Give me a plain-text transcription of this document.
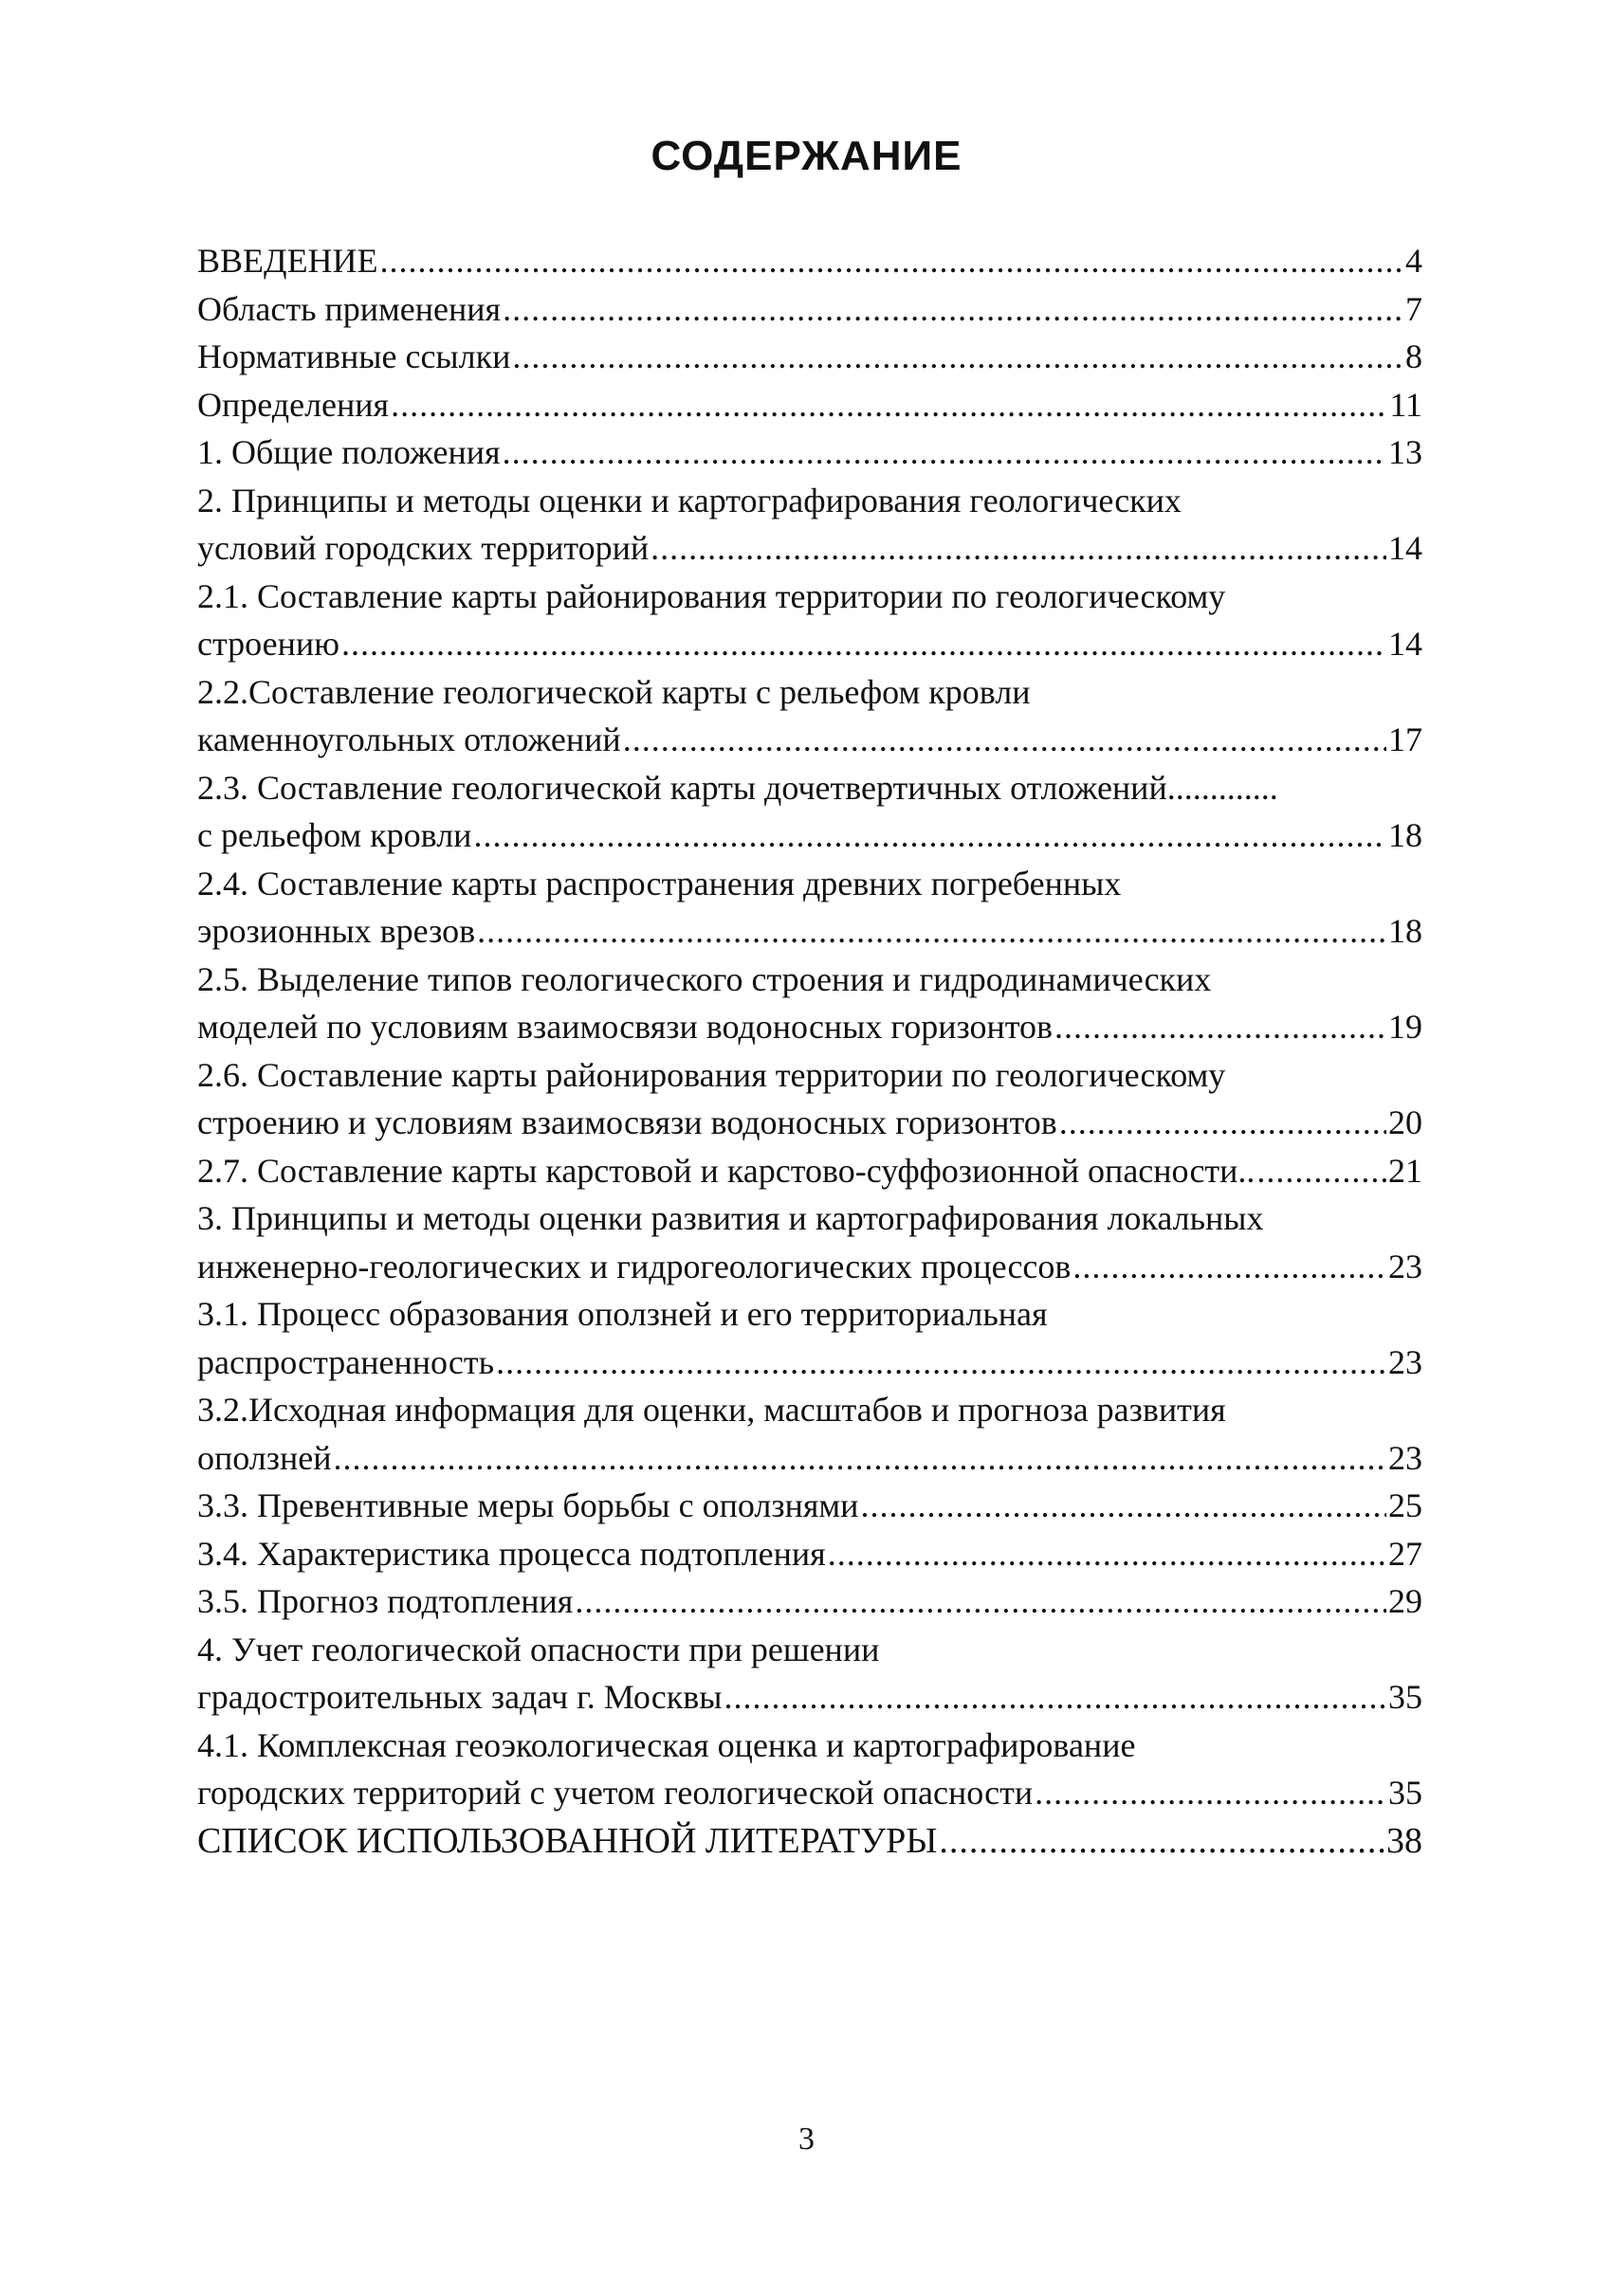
СОДЕРЖАНИЕ
ВВЕДЕНИЕ .....	4
Область применения .....	7
Нормативные ссылки .....	8
Определения .....	11
1. Общие положения .....	13
2. Принципы и методы оценки и картографирования геологических
условий городских территорий .....	14
2.1. Составление карты районирования территории по геологическому
строению .....	14
2.2.Составление геологической карты с рельефом кровли
каменноугольных отложений .....	17
2.3. Составление геологической карты дочетвертичных отложений.............
с рельефом кровли .....	18
2.4. Составление карты распространения древних погребенных
эрозионных врезов .....	18
2.5. Выделение типов геологического строения и гидродинамических
моделей по условиям взаимосвязи водоносных горизонтов .....	19
2.6. Составление карты районирования территории по геологическому
строению и условиям взаимосвязи водоносных горизонтов .....	20
2.7. Составление карты карстовой и карстово-суффозионной опасности.. .....	21
3. Принципы и методы оценки развития и картографирования локальных
инженерно-геологических и гидрогеологических процессов .....	23
3.1. Процесс образования оползней и его территориальная
распространенность .....	23
3.2.Исходная информация для оценки, масштабов и прогноза развития
оползней .....	23
3.3. Превентивные меры борьбы с оползнями .....	25
3.4. Характеристика процесса подтопления .....	27
3.5. Прогноз подтопления .....	29
4. Учет геологической опасности при решении
градостроительных задач г. Москвы .....	35
4.1. Комплексная геоэкологическая оценка и картографирование
городских территорий с учетом геологической опасности .....	35
СПИСОК ИСПОЛЬЗОВАННОЙ ЛИТЕРАТУРЫ .....	38
3
